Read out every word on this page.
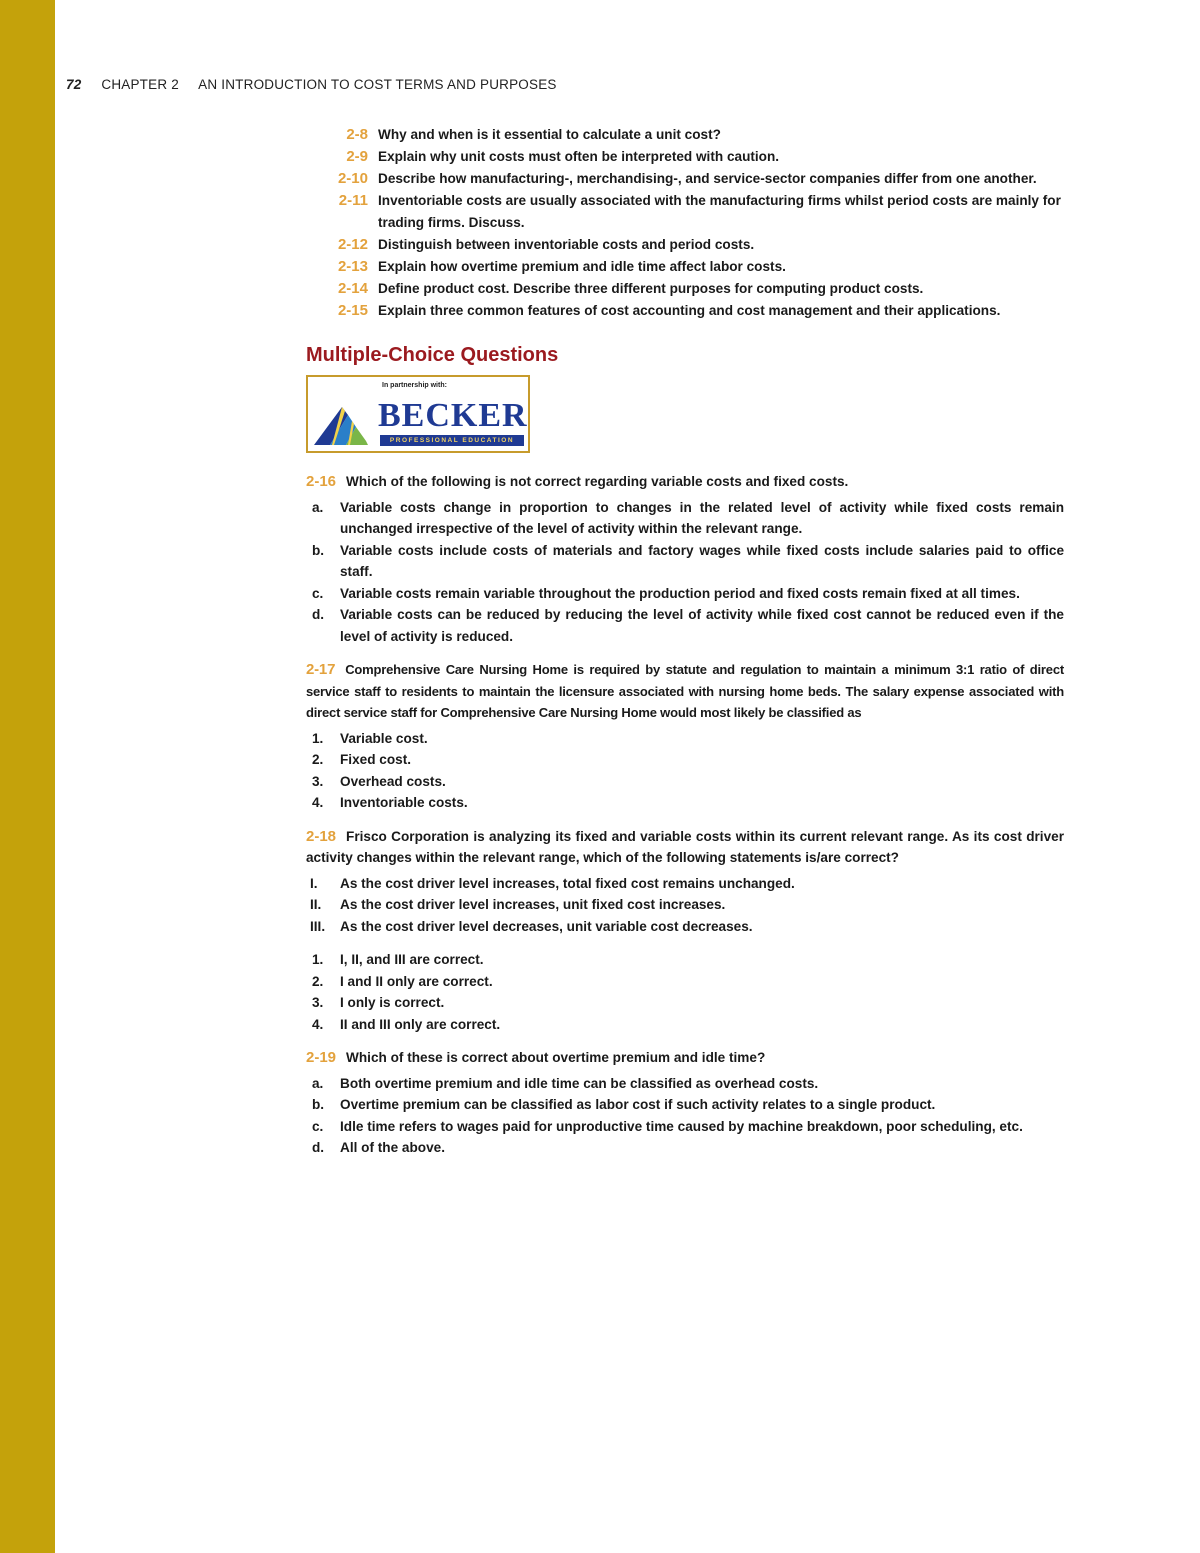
72 CHAPTER 2 AN INTRODUCTION TO COST TERMS AND PURPOSES
2-8 Why and when is it essential to calculate a unit cost?
2-9 Explain why unit costs must often be interpreted with caution.
2-10 Describe how manufacturing-, merchandising-, and service-sector companies differ from one another.
2-11 Inventoriable costs are usually associated with the manufacturing firms whilst period costs are mainly for trading firms. Discuss.
2-12 Distinguish between inventoriable costs and period costs.
2-13 Explain how overtime premium and idle time affect labor costs.
2-14 Define product cost. Describe three different purposes for computing product costs.
2-15 Explain three common features of cost accounting and cost management and their applications.
Multiple-Choice Questions
In partnership with:
BECKER
PROFESSIONAL EDUCATION
2-16 Which of the following is not correct regarding variable costs and fixed costs.
a. Variable costs change in proportion to changes in the related level of activity while fixed costs remain unchanged irrespective of the level of activity within the relevant range.
b. Variable costs include costs of materials and factory wages while fixed costs include salaries paid to office staff.
c. Variable costs remain variable throughout the production period and fixed costs remain fixed at all times.
d. Variable costs can be reduced by reducing the level of activity while fixed cost cannot be reduced even if the level of activity is reduced.
2-17 Comprehensive Care Nursing Home is required by statute and regulation to maintain a minimum 3:1 ratio of direct service staff to residents to maintain the licensure associated with nursing home beds. The salary expense associated with direct service staff for Comprehensive Care Nursing Home would most likely be classified as
1. Variable cost.
2. Fixed cost.
3. Overhead costs.
4. Inventoriable costs.
2-18 Frisco Corporation is analyzing its fixed and variable costs within its current relevant range. As its cost driver activity changes within the relevant range, which of the following statements is/are correct?
I. As the cost driver level increases, total fixed cost remains unchanged.
II. As the cost driver level increases, unit fixed cost increases.
III. As the cost driver level decreases, unit variable cost decreases.
1. I, II, and III are correct.
2. I and II only are correct.
3. I only is correct.
4. II and III only are correct.
2-19 Which of these is correct about overtime premium and idle time?
a. Both overtime premium and idle time can be classified as overhead costs.
b. Overtime premium can be classified as labor cost if such activity relates to a single product.
c. Idle time refers to wages paid for unproductive time caused by machine breakdown, poor scheduling, etc.
d. All of the above.
